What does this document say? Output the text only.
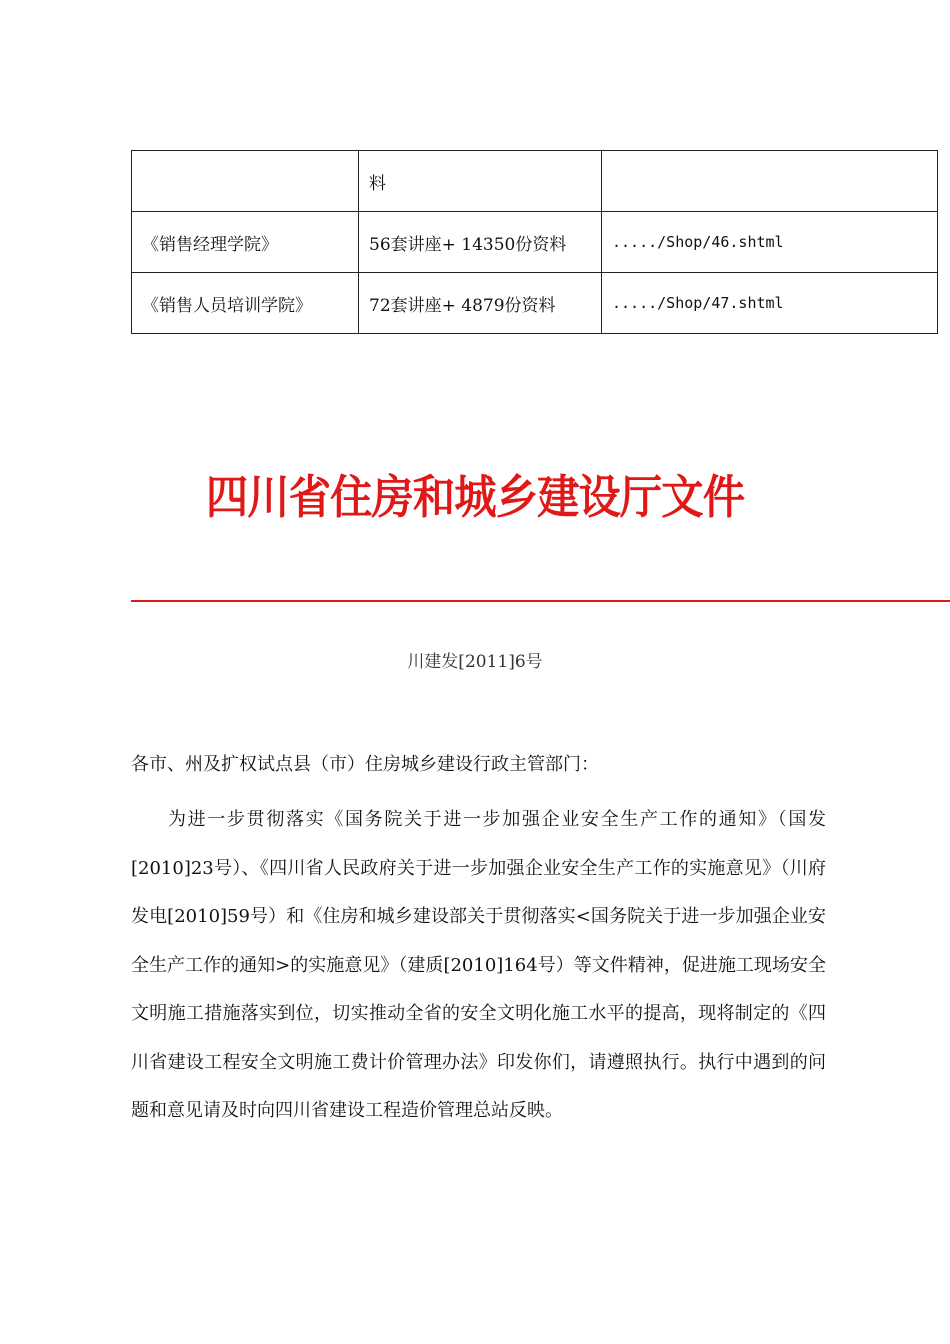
	料	
《销售经理学院》	56套讲座+ 14350份资料	...../Shop/46.shtml
《销售人员培训学院》	72套讲座+ 4879份资料	...../Shop/47.shtml
四川省住房和城乡建设厅文件
川建发[2011]6号
各市、州及扩权试点县（市）住房城乡建设行政主管部门：

为进一步贯彻落实《国务院关于进一步加强企业安全生产工作的通知》（国发[2010]23号）、《四川省人民政府关于进一步加强企业安全生产工作的实施意见》（川府发电[2010]59号）和《住房和城乡建设部关于贯彻落实<国务院关于进一步加强企业安全生产工作的通知>的实施意见》（建质[2010]164号）等文件精神，促进施工现场安全文明施工措施落实到位，切实推动全省的安全文明化施工水平的提高，现将制定的《四川省建设工程安全文明施工费计价管理办法》印发你们，请遵照执行。执行中遇到的问题和意见请及时向四川省建设工程造价管理总站反映。
